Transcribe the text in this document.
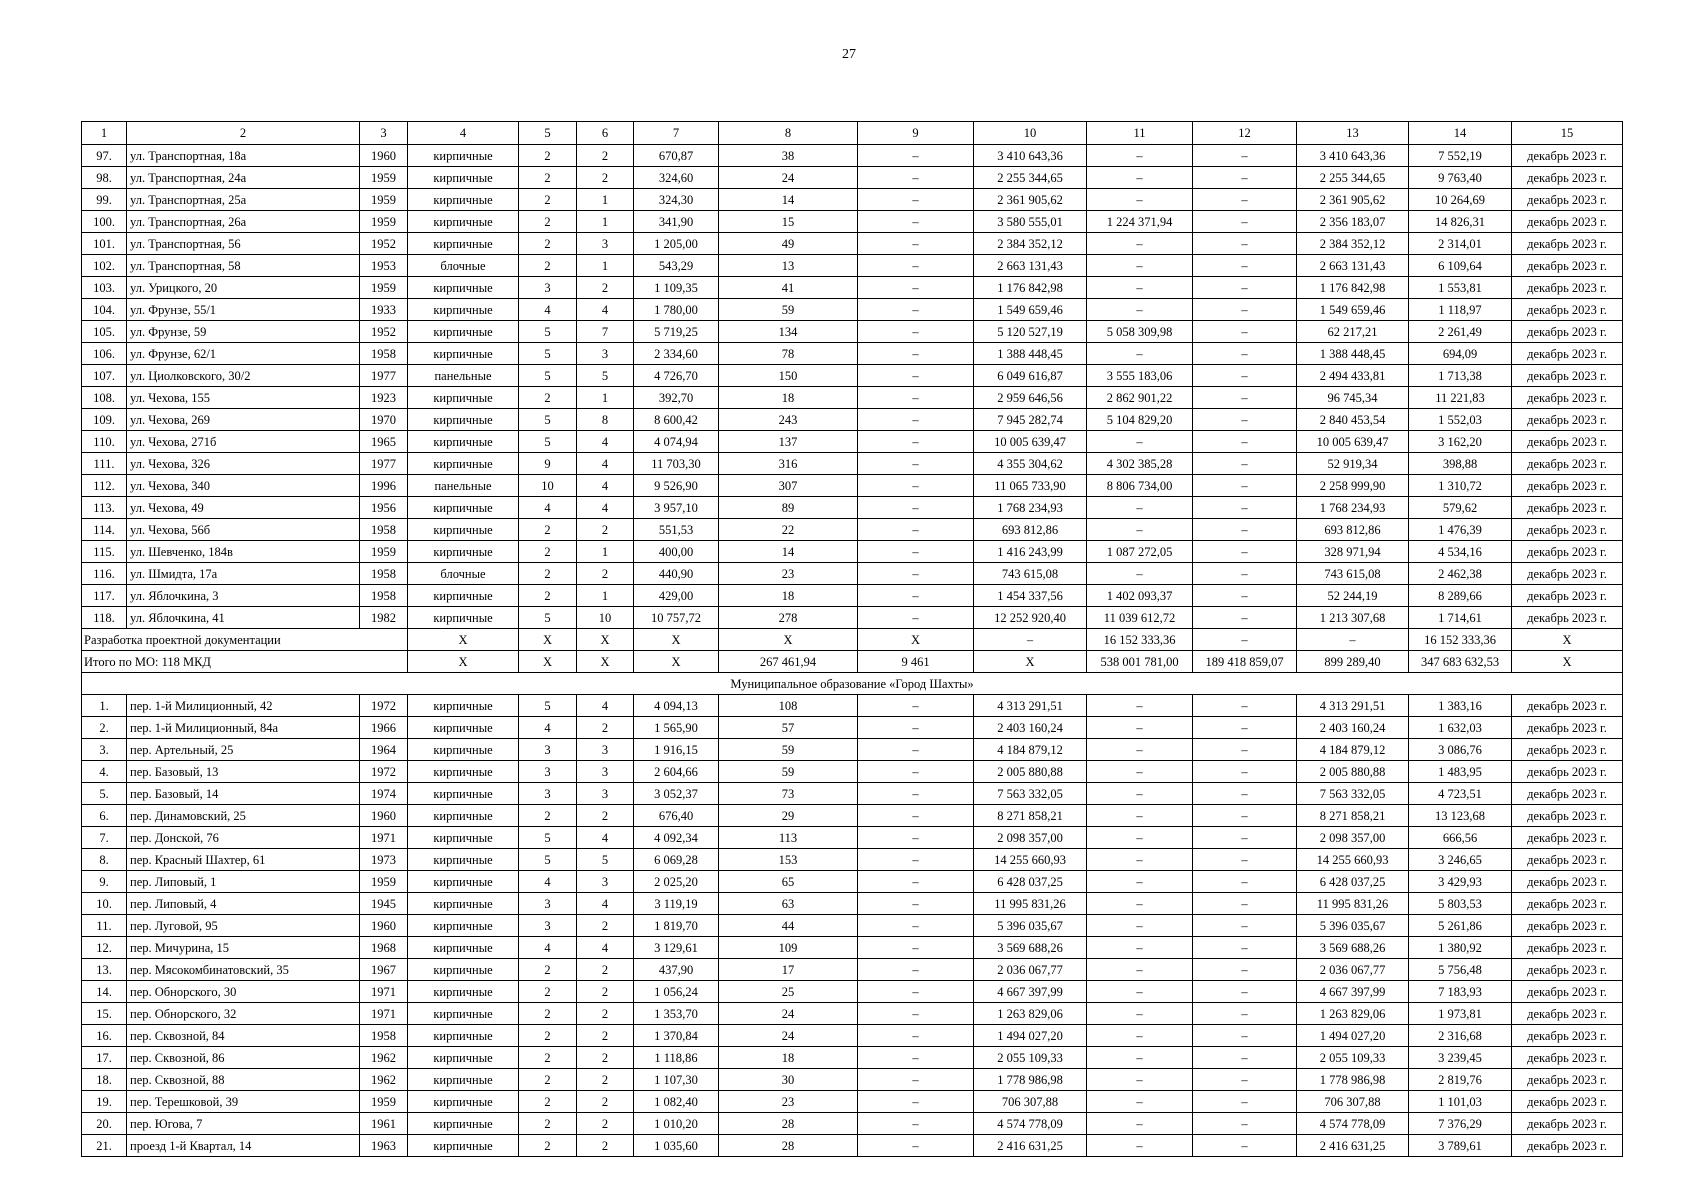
27
1	2	3	4	5	6	7	8	9	10	11	12	13	14	15	
97.	ул. Транспортная, 18а	1960	кирпичные	2	2	670,87	38	–	3 410 643,36	–	–	3 410 643,36	7 552,19	декабрь 2023 г.	
98.	ул. Транспортная, 24а	1959	кирпичные	2	2	324,60	24	–	2 255 344,65	–	–	2 255 344,65	9 763,40	декабрь 2023 г.	
99.	ул. Транспортная, 25а	1959	кирпичные	2	1	324,30	14	–	2 361 905,62	–	–	2 361 905,62	10 264,69	декабрь 2023 г.	
100.	ул. Транспортная, 26а	1959	кирпичные	2	1	341,90	15	–	3 580 555,01	1 224 371,94	–	2 356 183,07	14 826,31	декабрь 2023 г.	
101.	ул. Транспортная, 56	1952	кирпичные	2	3	1 205,00	49	–	2 384 352,12	–	–	2 384 352,12	2 314,01	декабрь 2023 г.	
102.	ул. Транспортная, 58	1953	блочные	2	1	543,29	13	–	2 663 131,43	–	–	2 663 131,43	6 109,64	декабрь 2023 г.	
103.	ул. Урицкого, 20	1959	кирпичные	3	2	1 109,35	41	–	1 176 842,98	–	–	1 176 842,98	1 553,81	декабрь 2023 г.	
104.	ул. Фрунзе, 55/1	1933	кирпичные	4	4	1 780,00	59	–	1 549 659,46	–	–	1 549 659,46	1 118,97	декабрь 2023 г.	
105.	ул. Фрунзе, 59	1952	кирпичные	5	7	5 719,25	134	–	5 120 527,19	5 058 309,98	–	62 217,21	2 261,49	декабрь 2023 г.	
106.	ул. Фрунзе, 62/1	1958	кирпичные	5	3	2 334,60	78	–	1 388 448,45	–	–	1 388 448,45	694,09	декабрь 2023 г.	
107.	ул. Циолковского, 30/2	1977	панельные	5	5	4 726,70	150	–	6 049 616,87	3 555 183,06	–	2 494 433,81	1 713,38	декабрь 2023 г.	
108.	ул. Чехова, 155	1923	кирпичные	2	1	392,70	18	–	2 959 646,56	2 862 901,22	–	96 745,34	11 221,83	декабрь 2023 г.	
109.	ул. Чехова, 269	1970	кирпичные	5	8	8 600,42	243	–	7 945 282,74	5 104 829,20	–	2 840 453,54	1 552,03	декабрь 2023 г.	
110.	ул. Чехова, 271б	1965	кирпичные	5	4	4 074,94	137	–	10 005 639,47	–	–	10 005 639,47	3 162,20	декабрь 2023 г.	
111.	ул. Чехова, 326	1977	кирпичные	9	4	11 703,30	316	–	4 355 304,62	4 302 385,28	–	52 919,34	398,88	декабрь 2023 г.	
112.	ул. Чехова, 340	1996	панельные	10	4	9 526,90	307	–	11 065 733,90	8 806 734,00	–	2 258 999,90	1 310,72	декабрь 2023 г.	
113.	ул. Чехова, 49	1956	кирпичные	4	4	3 957,10	89	–	1 768 234,93	–	–	1 768 234,93	579,62	декабрь 2023 г.	
114.	ул. Чехова, 56б	1958	кирпичные	2	2	551,53	22	–	693 812,86	–	–	693 812,86	1 476,39	декабрь 2023 г.	
115.	ул. Шевченко, 184в	1959	кирпичные	2	1	400,00	14	–	1 416 243,99	1 087 272,05	–	328 971,94	4 534,16	декабрь 2023 г.	
116.	ул. Шмидта, 17а	1958	блочные	2	2	440,90	23	–	743 615,08	–	–	743 615,08	2 462,38	декабрь 2023 г.	
117.	ул. Яблочкина, 3	1958	кирпичные	2	1	429,00	18	–	1 454 337,56	1 402 093,37	–	52 244,19	8 289,66	декабрь 2023 г.	
118.	ул. Яблочкина, 41	1982	кирпичные	5	10	10 757,72	278	–	12 252 920,40	11 039 612,72	–	1 213 307,68	1 714,61	декабрь 2023 г.	
Разработка проектной документации			X	X	X	X	X	X	–	16 152 333,36	–	–	16 152 333,36	X	
Итого по МО: 118 МКД			X	X	X	X	267 461,94	9 461	X	538 001 781,00	189 418 859,07	899 289,40	347 683 632,53	X	
Муниципальное образование «Город Шахты»															
1.	пер. 1-й Милиционный, 42	1972	кирпичные	5	4	4 094,13	108	–	4 313 291,51	–	–	4 313 291,51	1 383,16	декабрь 2023 г.	
2.	пер. 1-й Милиционный, 84а	1966	кирпичные	4	2	1 565,90	57	–	2 403 160,24	–	–	2 403 160,24	1 632,03	декабрь 2023 г.	
3.	пер. Артельный, 25	1964	кирпичные	3	3	1 916,15	59	–	4 184 879,12	–	–	4 184 879,12	3 086,76	декабрь 2023 г.	
4.	пер. Базовый, 13	1972	кирпичные	3	3	2 604,66	59	–	2 005 880,88	–	–	2 005 880,88	1 483,95	декабрь 2023 г.	
5.	пер. Базовый, 14	1974	кирпичные	3	3	3 052,37	73	–	7 563 332,05	–	–	7 563 332,05	4 723,51	декабрь 2023 г.	
6.	пер. Динамовский, 25	1960	кирпичные	2	2	676,40	29	–	8 271 858,21	–	–	8 271 858,21	13 123,68	декабрь 2023 г.	
7.	пер. Донской, 76	1971	кирпичные	5	4	4 092,34	113	–	2 098 357,00	–	–	2 098 357,00	666,56	декабрь 2023 г.	
8.	пер. Красный Шахтер, 61	1973	кирпичные	5	5	6 069,28	153	–	14 255 660,93	–	–	14 255 660,93	3 246,65	декабрь 2023 г.	
9.	пер. Липовый, 1	1959	кирпичные	4	3	2 025,20	65	–	6 428 037,25	–	–	6 428 037,25	3 429,93	декабрь 2023 г.	
10.	пер. Липовый, 4	1945	кирпичные	3	4	3 119,19	63	–	11 995 831,26	–	–	11 995 831,26	5 803,53	декабрь 2023 г.	
11.	пер. Луговой, 95	1960	кирпичные	3	2	1 819,70	44	–	5 396 035,67	–	–	5 396 035,67	5 261,86	декабрь 2023 г.	
12.	пер. Мичурина, 15	1968	кирпичные	4	4	3 129,61	109	–	3 569 688,26	–	–	3 569 688,26	1 380,92	декабрь 2023 г.	
13.	пер. Мясокомбинатовский, 35	1967	кирпичные	2	2	437,90	17	–	2 036 067,77	–	–	2 036 067,77	5 756,48	декабрь 2023 г.	
14.	пер. Обнорского, 30	1971	кирпичные	2	2	1 056,24	25	–	4 667 397,99	–	–	4 667 397,99	7 183,93	декабрь 2023 г.	
15.	пер. Обнорского, 32	1971	кирпичные	2	2	1 353,70	24	–	1 263 829,06	–	–	1 263 829,06	1 973,81	декабрь 2023 г.	
16.	пер. Сквозной, 84	1958	кирпичные	2	2	1 370,84	24	–	1 494 027,20	–	–	1 494 027,20	2 316,68	декабрь 2023 г.	
17.	пер. Сквозной, 86	1962	кирпичные	2	2	1 118,86	18	–	2 055 109,33	–	–	2 055 109,33	3 239,45	декабрь 2023 г.	
18.	пер. Сквозной, 88	1962	кирпичные	2	2	1 107,30	30	–	1 778 986,98	–	–	1 778 986,98	2 819,76	декабрь 2023 г.	
19.	пер. Терешковой, 39	1959	кирпичные	2	2	1 082,40	23	–	706 307,88	–	–	706 307,88	1 101,03	декабрь 2023 г.	
20.	пер. Югова, 7	1961	кирпичные	2	2	1 010,20	28	–	4 574 778,09	–	–	4 574 778,09	7 376,29	декабрь 2023 г.	
21.	проезд 1-й Квартал, 14	1963	кирпичные	2	2	1 035,60	28	–	2 416 631,25	–	–	2 416 631,25	3 789,61	декабрь 2023 г.	
